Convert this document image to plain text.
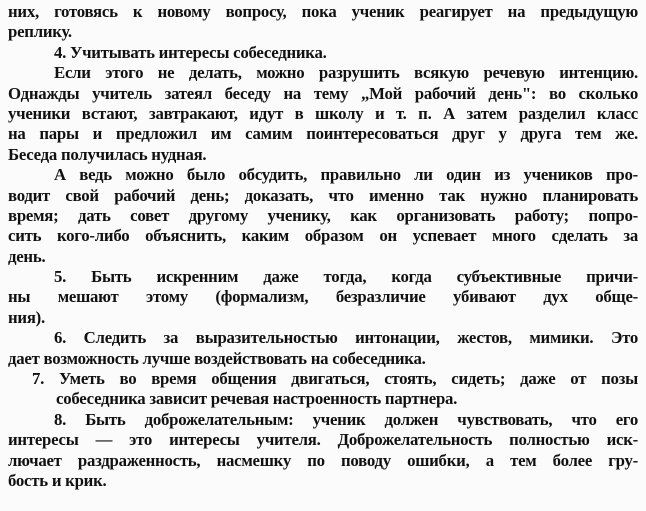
них, готовясь к новому вопросу, пока ученик реагирует на предыдущую
реплику.
4. Учитывать интересы собеседника.
Если этого не делать, можно разрушить всякую речевую интенцию.
Однажды учитель затеял беседу на тему „Мой рабочий день": во сколько
ученики встают, завтракают, идут в школу и т. п. А затем разделил класс
на пары и предложил им самим поинтересоваться друг у друга тем же.
Беседа получилась нудная.
А ведь можно было обсудить, правильно ли один из учеников про-
водит свой рабочий день; доказать, что именно так нужно планировать
время; дать совет другому ученику, как организовать работу; попро-
сить кого-либо объяснить, каким образом он успевает много сделать за
день.
5. Быть искренним даже тогда, когда субъективные причи-
ны мешают этому (формализм, безразличие убивают дух обще-
ния).
6. Следить за выразительностью интонации, жестов, мимики. Это
дает возможность лучше воздействовать на собеседника.
7. Уметь во время общения двигаться, стоять, сидеть; даже от позы
собеседника зависит речевая настроенность партнера.
8. Быть доброжелательным: ученик должен чувствовать, что его
интересы — это интересы учителя. Доброжелательность полностью иск-
лючает раздраженность, насмешку по поводу ошибки, а тем более гру-
бость и крик.
